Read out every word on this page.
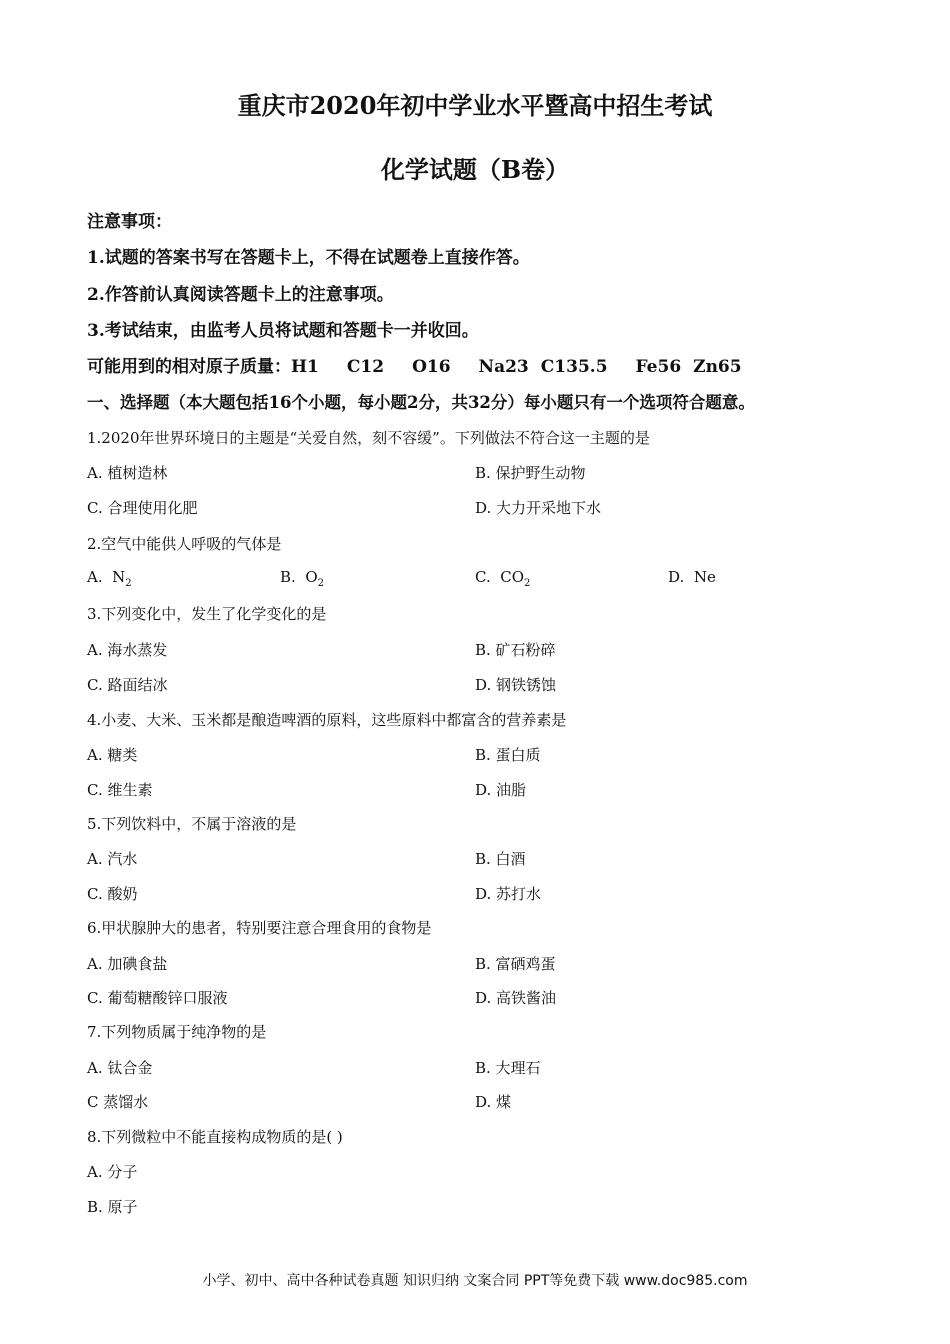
重庆市2020年初中学业水平暨高中招生考试
化学试题（B卷）
注意事项：
1.试题的答案书写在答题卡上，不得在试题卷上直接作答。
2.作答前认真阅读答题卡上的注意事项。
3.考试结束，由监考人员将试题和答题卡一并收回。
可能用到的相对原子质量：H1 C12 O16 Na23 C135.5 Fe56 Zn65
一、选择题（本大题包括16个小题，每小题2分，共32分）每小题只有一个选项符合题意。
1.2020年世界环境日的主题是“关爱自然，刻不容缓”。下列做法不符合这一主题的是
A. 植树造林	B. 保护野生动物
C. 合理使用化肥	D. 大力开采地下水
2.空气中能供人呼吸的气体是
A. $N_2$	B. $O_2$	C. $CO_2$	D. Ne
3.下列变化中，发生了化学变化的是
A. 海水蒸发	B. 矿石粉碎
C. 路面结冰	D. 钢铁锈蚀
4.小麦、大米、玉米都是酿造啤酒的原料，这些原料中都富含的营养素是
A. 糖类	B. 蛋白质
C. 维生素	D. 油脂
5.下列饮料中，不属于溶液的是
A. 汽水	B. 白酒
C. 酸奶	D. 苏打水
6.甲状腺肿大的患者，特别要注意合理食用的食物是
A. 加碘食盐	B. 富硒鸡蛋
C. 葡萄糖酸锌口服液	D. 高铁酱油
7.下列物质属于纯净物的是
A. 钛合金	B. 大理石
C 蒸馏水	D. 煤
8.下列微粒中不能直接构成物质的是( )
A. 分子
B. 原子
小学、初中、高中各种试卷真题 知识归纳 文案合同 PPT等免费下载 www.doc985.com
